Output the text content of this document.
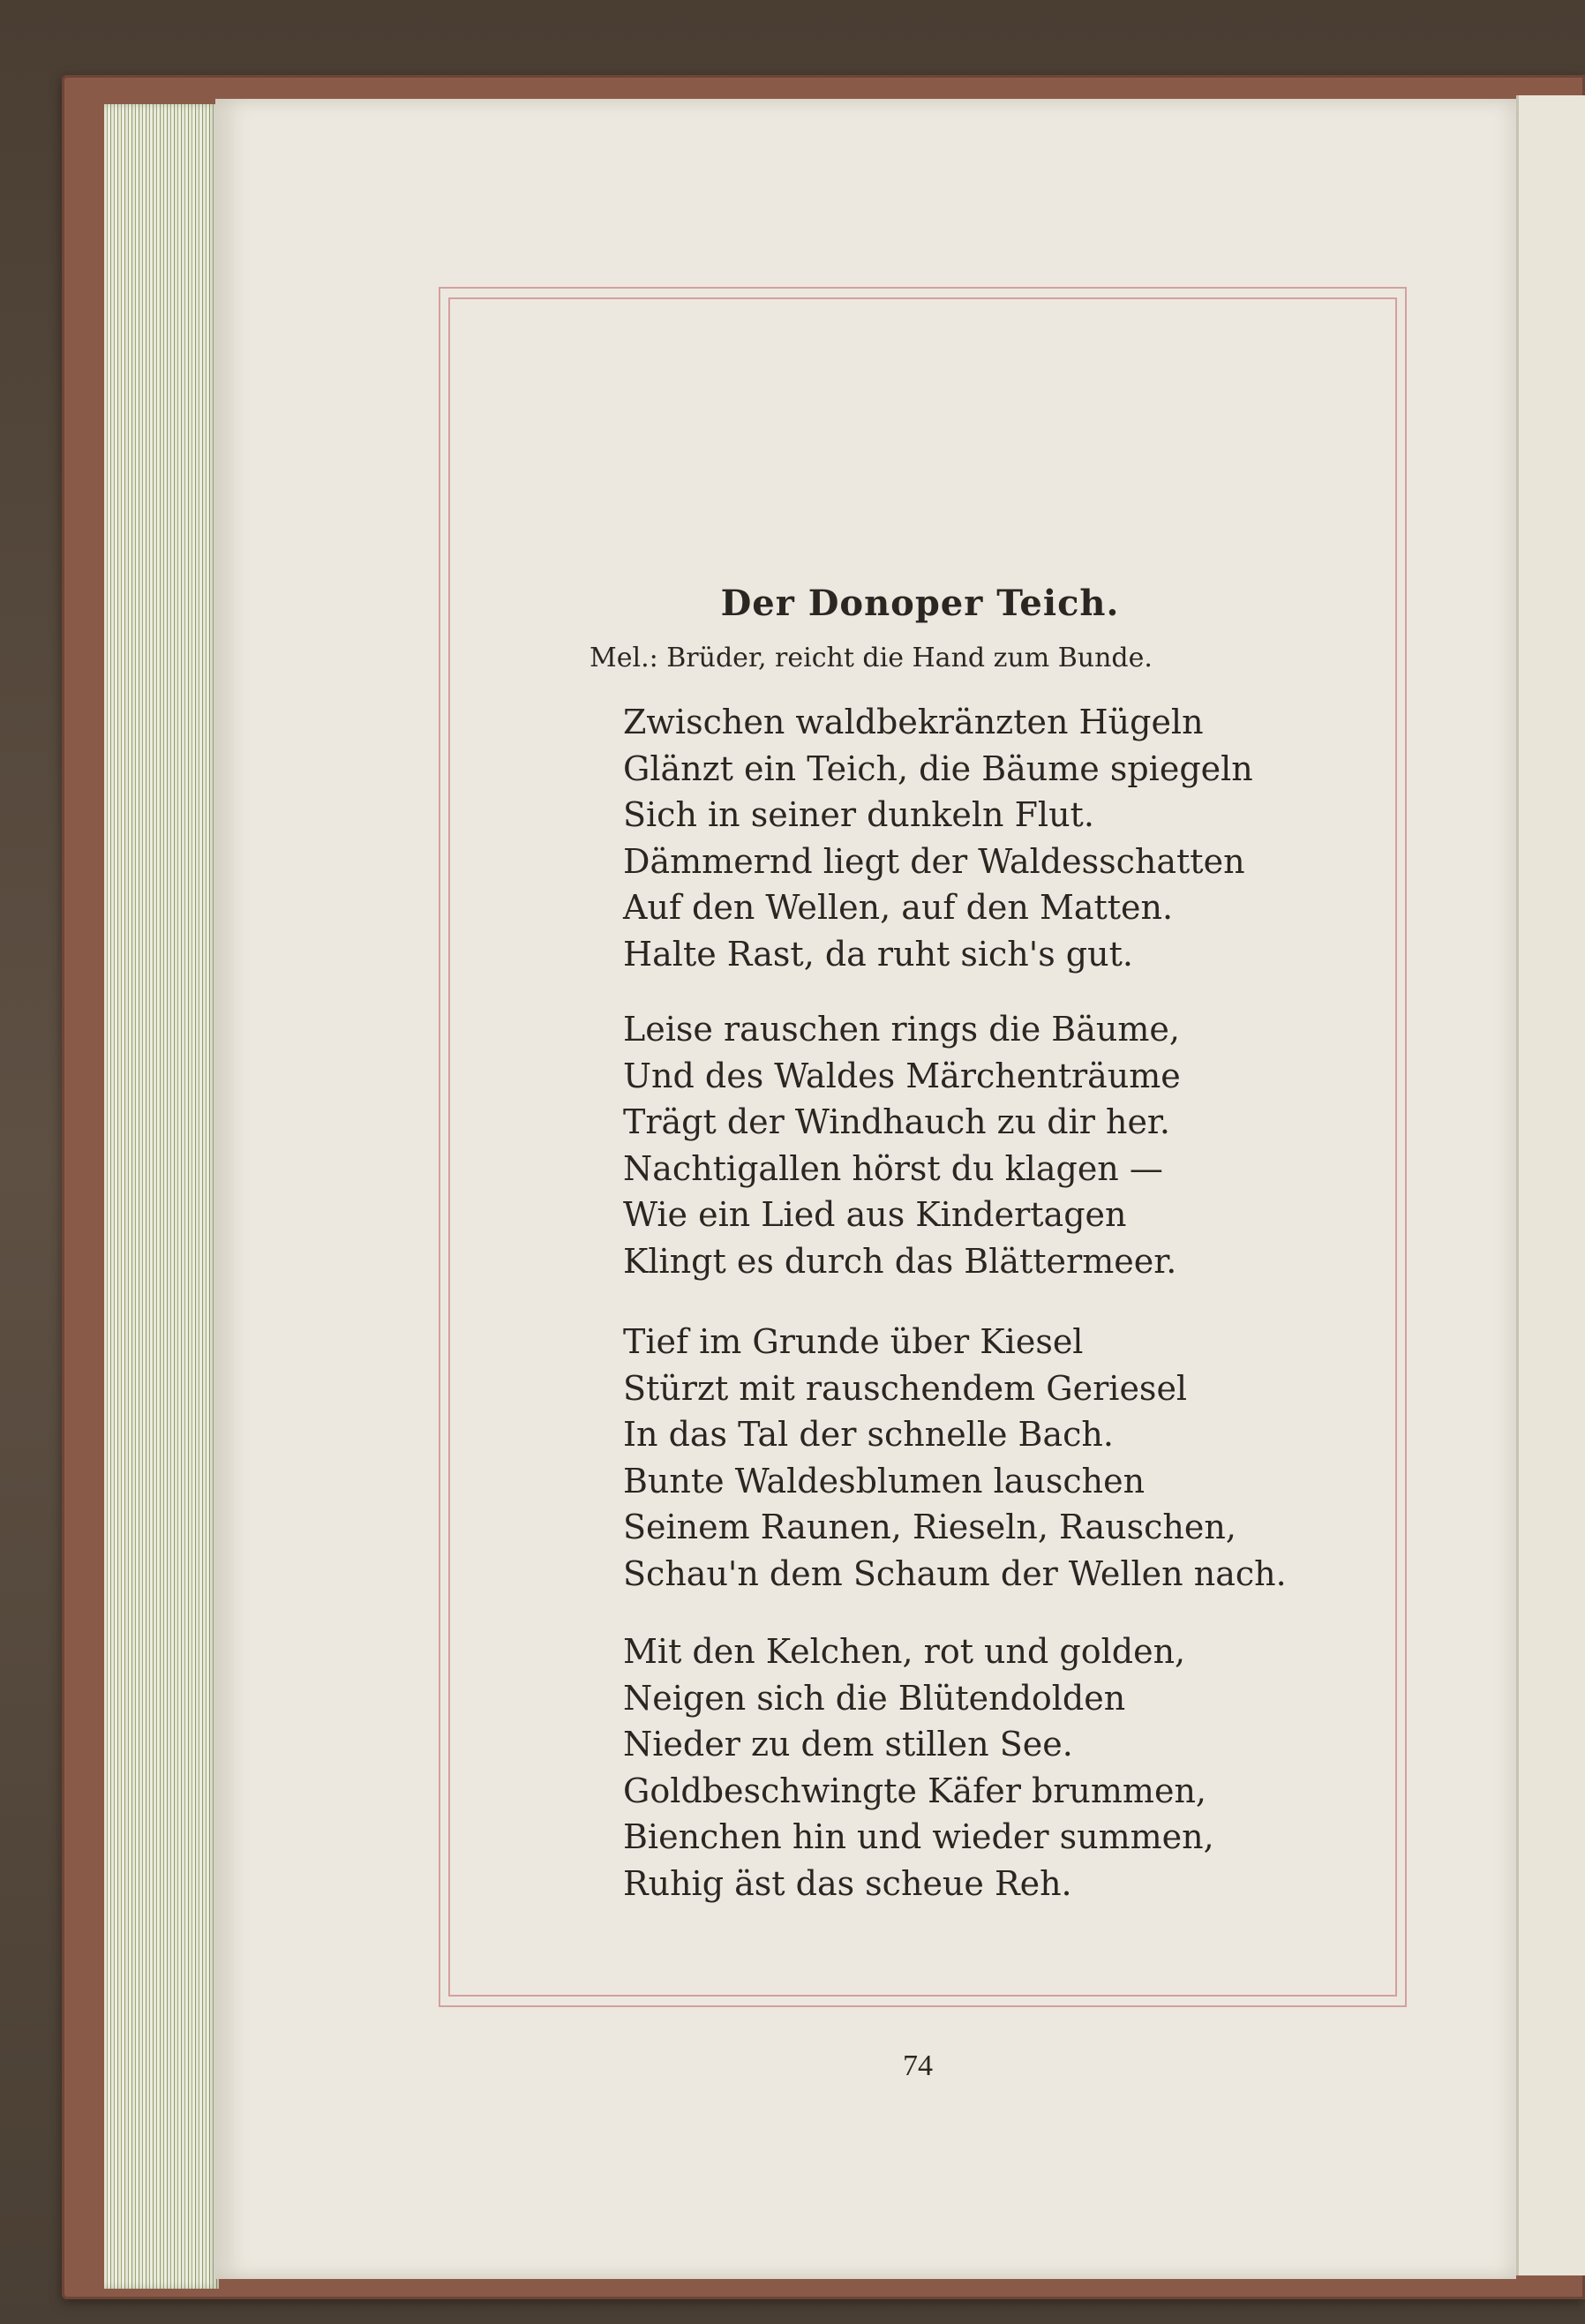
Der Donoper Teich.
Mel.: Brüder, reicht die Hand zum Bunde.
Zwischen waldbekränzten Hügeln
Glänzt ein Teich, die Bäume spiegeln
Sich in seiner dunkeln Flut.
Dämmernd liegt der Waldesschatten
Auf den Wellen, auf den Matten.
Halte Rast, da ruht sich's gut.
Leise rauschen rings die Bäume,
Und des Waldes Märchenträume
Trägt der Windhauch zu dir her.
Nachtigallen hörst du klagen —
Wie ein Lied aus Kindertagen
Klingt es durch das Blättermeer.
Tief im Grunde über Kiesel
Stürzt mit rauschendem Geriesel
In das Tal der schnelle Bach.
Bunte Waldesblumen lauschen
Seinem Raunen, Rieseln, Rauschen,
Schau'n dem Schaum der Wellen nach.
Mit den Kelchen, rot und golden,
Neigen sich die Blütendolden
Nieder zu dem stillen See.
Goldbeschwingte Käfer brummen,
Bienchen hin und wieder summen,
Ruhig äst das scheue Reh.
74
